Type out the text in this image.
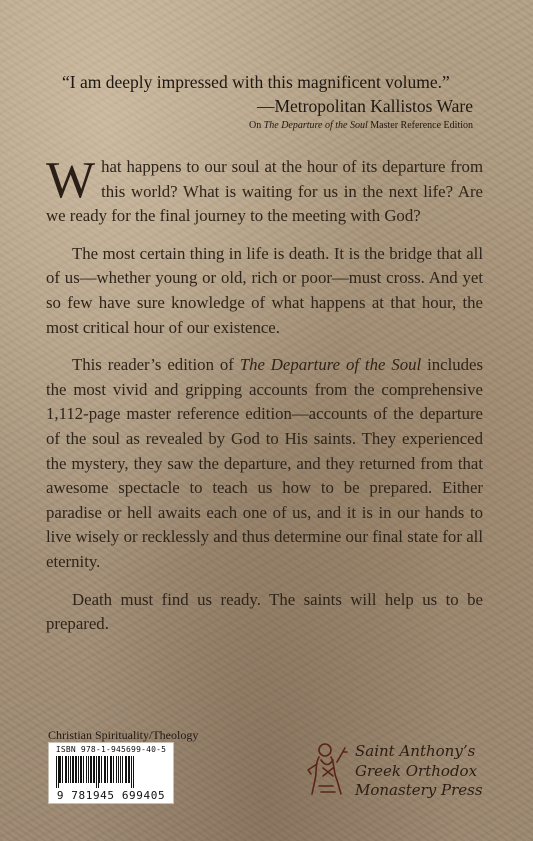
“I am deeply impressed with this magnificent volume.”
—Metropolitan Kallistos Ware
On The Departure of the Soul Master Reference Edition

What happens to our soul at the hour of its departure from this world? What is waiting for us in the next life? Are we ready for the final journey to the meeting with God?

The most certain thing in life is death. It is the bridge that all of us—whether young or old, rich or poor—must cross. And yet so few have sure knowledge of what happens at that hour, the most critical hour of our existence.

This reader’s edition of The Departure of the Soul includes the most vivid and gripping accounts from the comprehensive 1,112-page master reference edition—accounts of the departure of the soul as revealed by God to His saints. They experienced the mystery, they saw the departure, and they returned from that awesome spectacle to teach us how to be prepared. Either paradise or hell awaits each one of us, and it is in our hands to live wisely or recklessly and thus determine our final state for all eternity.

Death must find us ready. The saints will help us to be prepared.

Christian Spirituality/Theology
ISBN 978-1-945699-40-5
9 781945 699405
Saint Anthony’s
Greek Orthodox
Monastery Press
